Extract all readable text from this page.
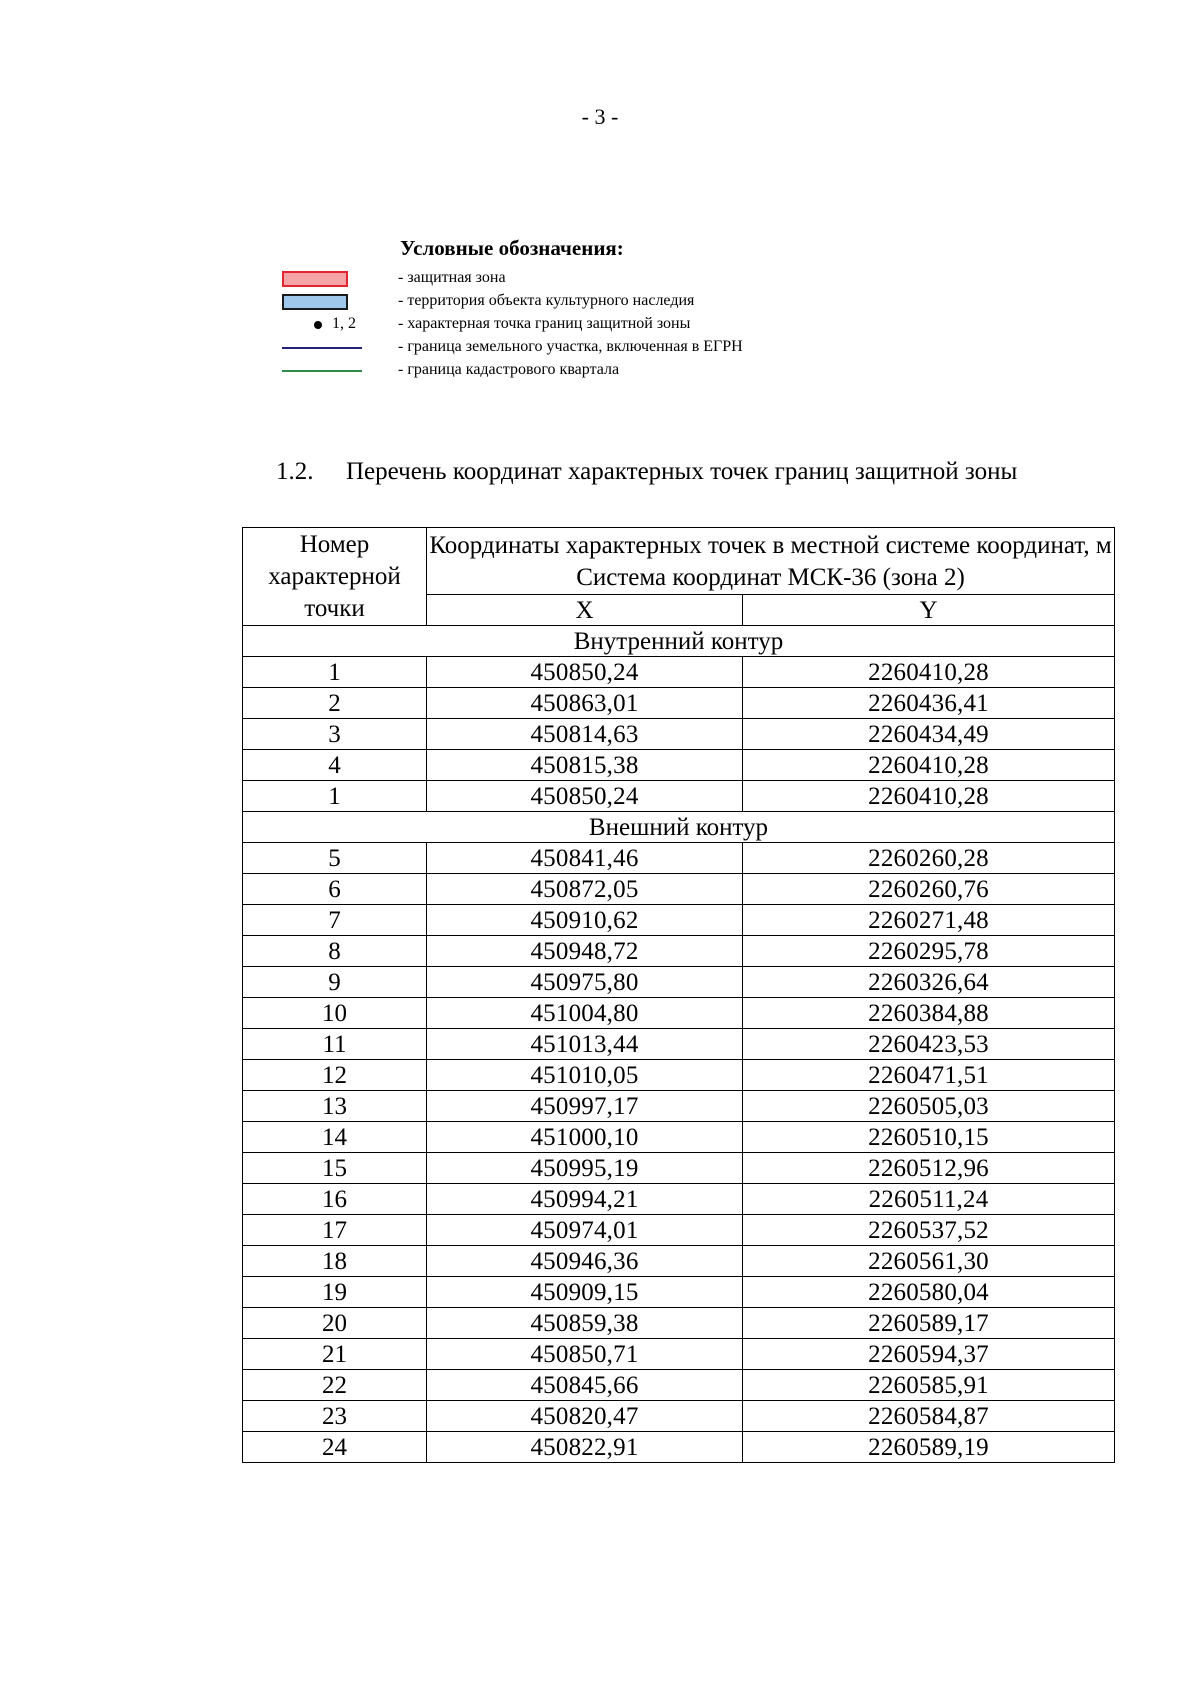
- 3 -
Условные обозначения:
- защитная зона
- территория объекта культурного наследия
1, 2	- характерная точка границ защитной зоны
- граница земельного участка, включенная в ЕГРН
- граница кадастрового квартала
1.2. Перечень координат характерных точек границ защитной зоны
Номер характерной точки	Координаты характерных точек в местной системе координат, м
Система координат МСК-36 (зона 2)	

	X	Y
Внутренний контур		
1	450850,24	2260410,28
2	450863,01	2260436,41
3	450814,63	2260434,49
4	450815,38	2260410,28
1	450850,24	2260410,28
Внешний контур		
5	450841,46	2260260,28
6	450872,05	2260260,76
7	450910,62	2260271,48
8	450948,72	2260295,78
9	450975,80	2260326,64
10	451004,80	2260384,88
11	451013,44	2260423,53
12	451010,05	2260471,51
13	450997,17	2260505,03
14	451000,10	2260510,15
15	450995,19	2260512,96
16	450994,21	2260511,24
17	450974,01	2260537,52
18	450946,36	2260561,30
19	450909,15	2260580,04
20	450859,38	2260589,17
21	450850,71	2260594,37
22	450845,66	2260585,91
23	450820,47	2260584,87
24	450822,91	2260589,19
